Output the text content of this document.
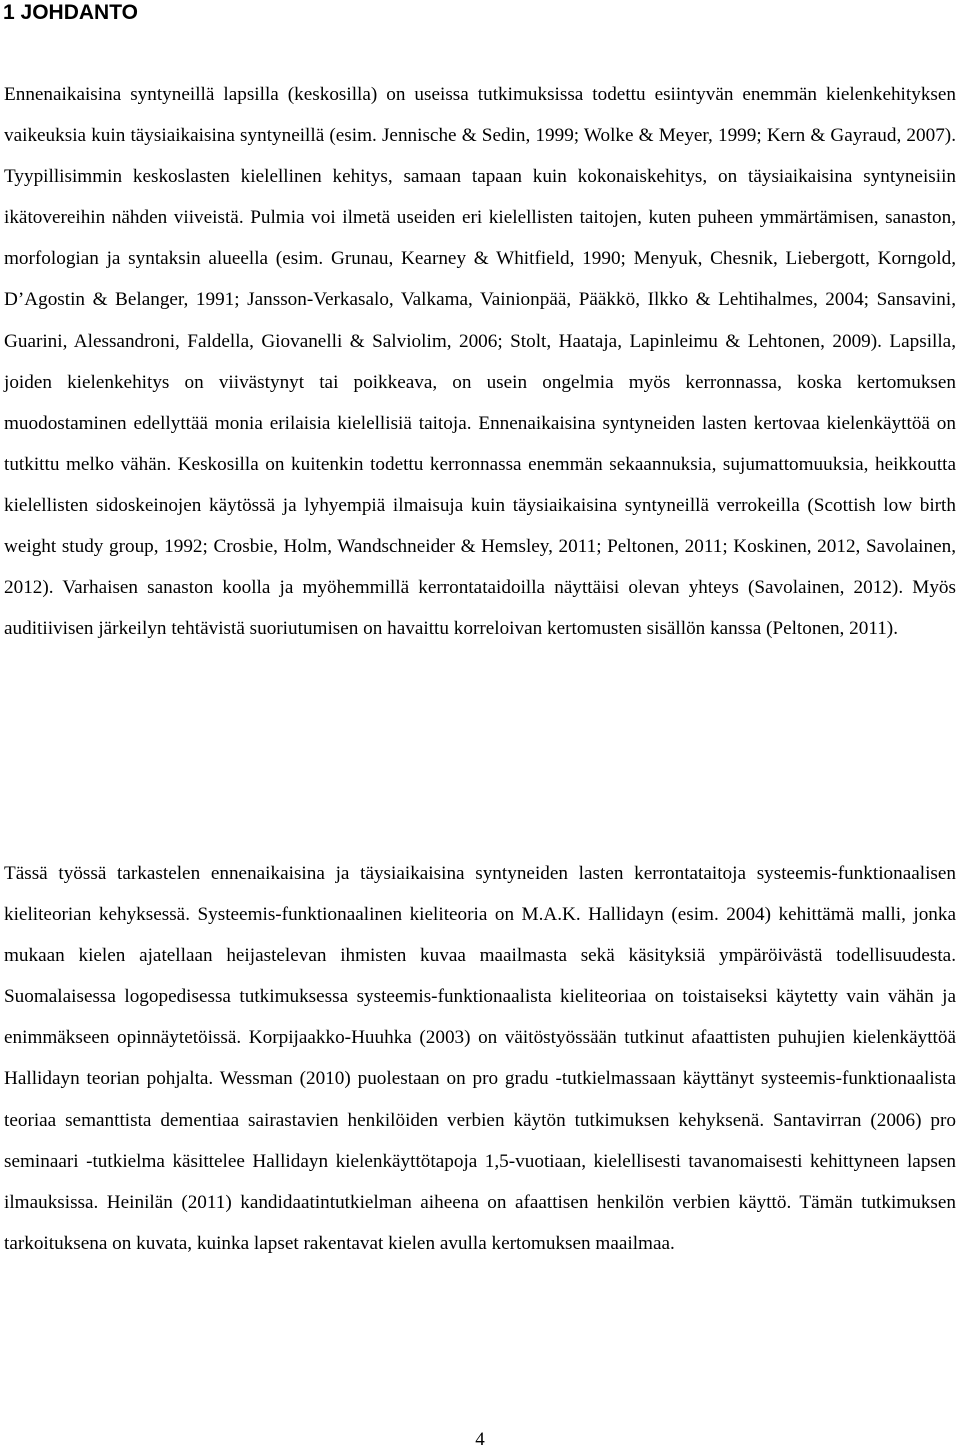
1 JOHDANTO

Ennenaikaisina syntyneillä lapsilla (keskosilla) on useissa tutkimuksissa todettu esiintyvän enemmän kielenkehityksen vaikeuksia kuin täysiaikaisina syntyneillä (esim. Jennische & Sedin, 1999; Wolke & Meyer, 1999; Kern & Gayraud, 2007). Tyypillisimmin keskoslasten kielellinen kehitys, samaan tapaan kuin kokonaiskehitys, on täysiaikaisina syntyneisiin ikätovereihin nähden viiveistä. Pulmia voi ilmetä useiden eri kielellisten taitojen, kuten puheen ymmärtämisen, sanaston, morfologian ja syntaksin alueella (esim. Grunau, Kearney & Whitfield, 1990; Menyuk, Chesnik, Liebergott, Korngold, D’Agostin & Belanger, 1991; Jansson-Verkasalo, Valkama, Vainionpää, Pääkkö, Ilkko & Lehtihalmes, 2004; Sansavini, Guarini, Alessandroni, Faldella, Giovanelli & Salviolim, 2006; Stolt, Haataja, Lapinleimu & Lehtonen, 2009). Lapsilla, joiden kielenkehitys on viivästynyt tai poikkeava, on usein ongelmia myös kerronnassa, koska kertomuksen muodostaminen edellyttää monia erilaisia kielellisiä taitoja. Ennenaikaisina syntyneiden lasten kertovaa kielenkäyttöä on tutkittu melko vähän. Keskosilla on kuitenkin todettu kerronnassa enemmän sekaannuksia, sujumattomuuksia, heikkoutta kielellisten sidoskeinojen käytössä ja lyhyempiä ilmaisuja kuin täysiaikaisina syntyneillä verrokeilla (Scottish low birth weight study group, 1992; Crosbie, Holm, Wandschneider & Hemsley, 2011; Peltonen, 2011; Koskinen, 2012, Savolainen, 2012). Varhaisen sanaston koolla ja myöhemmillä kerrontataidoilla näyttäisi olevan yhteys (Savolainen, 2012). Myös auditiivisen järkeilyn tehtävistä suoriutumisen on havaittu korreloivan kertomusten sisällön kanssa (Peltonen, 2011).

Tässä työssä tarkastelen ennenaikaisina ja täysiaikaisina syntyneiden lasten kerrontataitoja systeemis-funktionaalisen kieliteorian kehyksessä. Systeemis-funktionaalinen kieliteoria on M.A.K. Hallidayn (esim. 2004) kehittämä malli, jonka mukaan kielen ajatellaan heijastelevan ihmisten kuvaa maailmasta sekä käsityksiä ympäröivästä todellisuudesta. Suomalaisessa logopedisessa tutkimuksessa systeemis-funktionaalista kieliteoriaa on toistaiseksi käytetty vain vähän ja enimmäkseen opinnäytetöissä. Korpijaakko-Huuhka (2003) on väitöstyössään tutkinut afaattisten puhujien kielenkäyttöä Hallidayn teorian pohjalta. Wessman (2010) puolestaan on pro gradu -tutkielmassaan käyttänyt systeemis-funktionaalista teoriaa semanttista dementiaa sairastavien henkilöiden verbien käytön tutkimuksen kehyksenä. Santavirran (2006) pro seminaari -tutkielma käsittelee Hallidayn kielenkäyttötapoja 1,5-vuotiaan, kielellisesti tavanomaisesti kehittyneen lapsen ilmauksissa. Heinilän (2011) kandidaatintutkielman aiheena on afaattisen henkilön verbien käyttö. Tämän tutkimuksen tarkoituksena on kuvata, kuinka lapset rakentavat kielen avulla kertomuksen maailmaa.

4
